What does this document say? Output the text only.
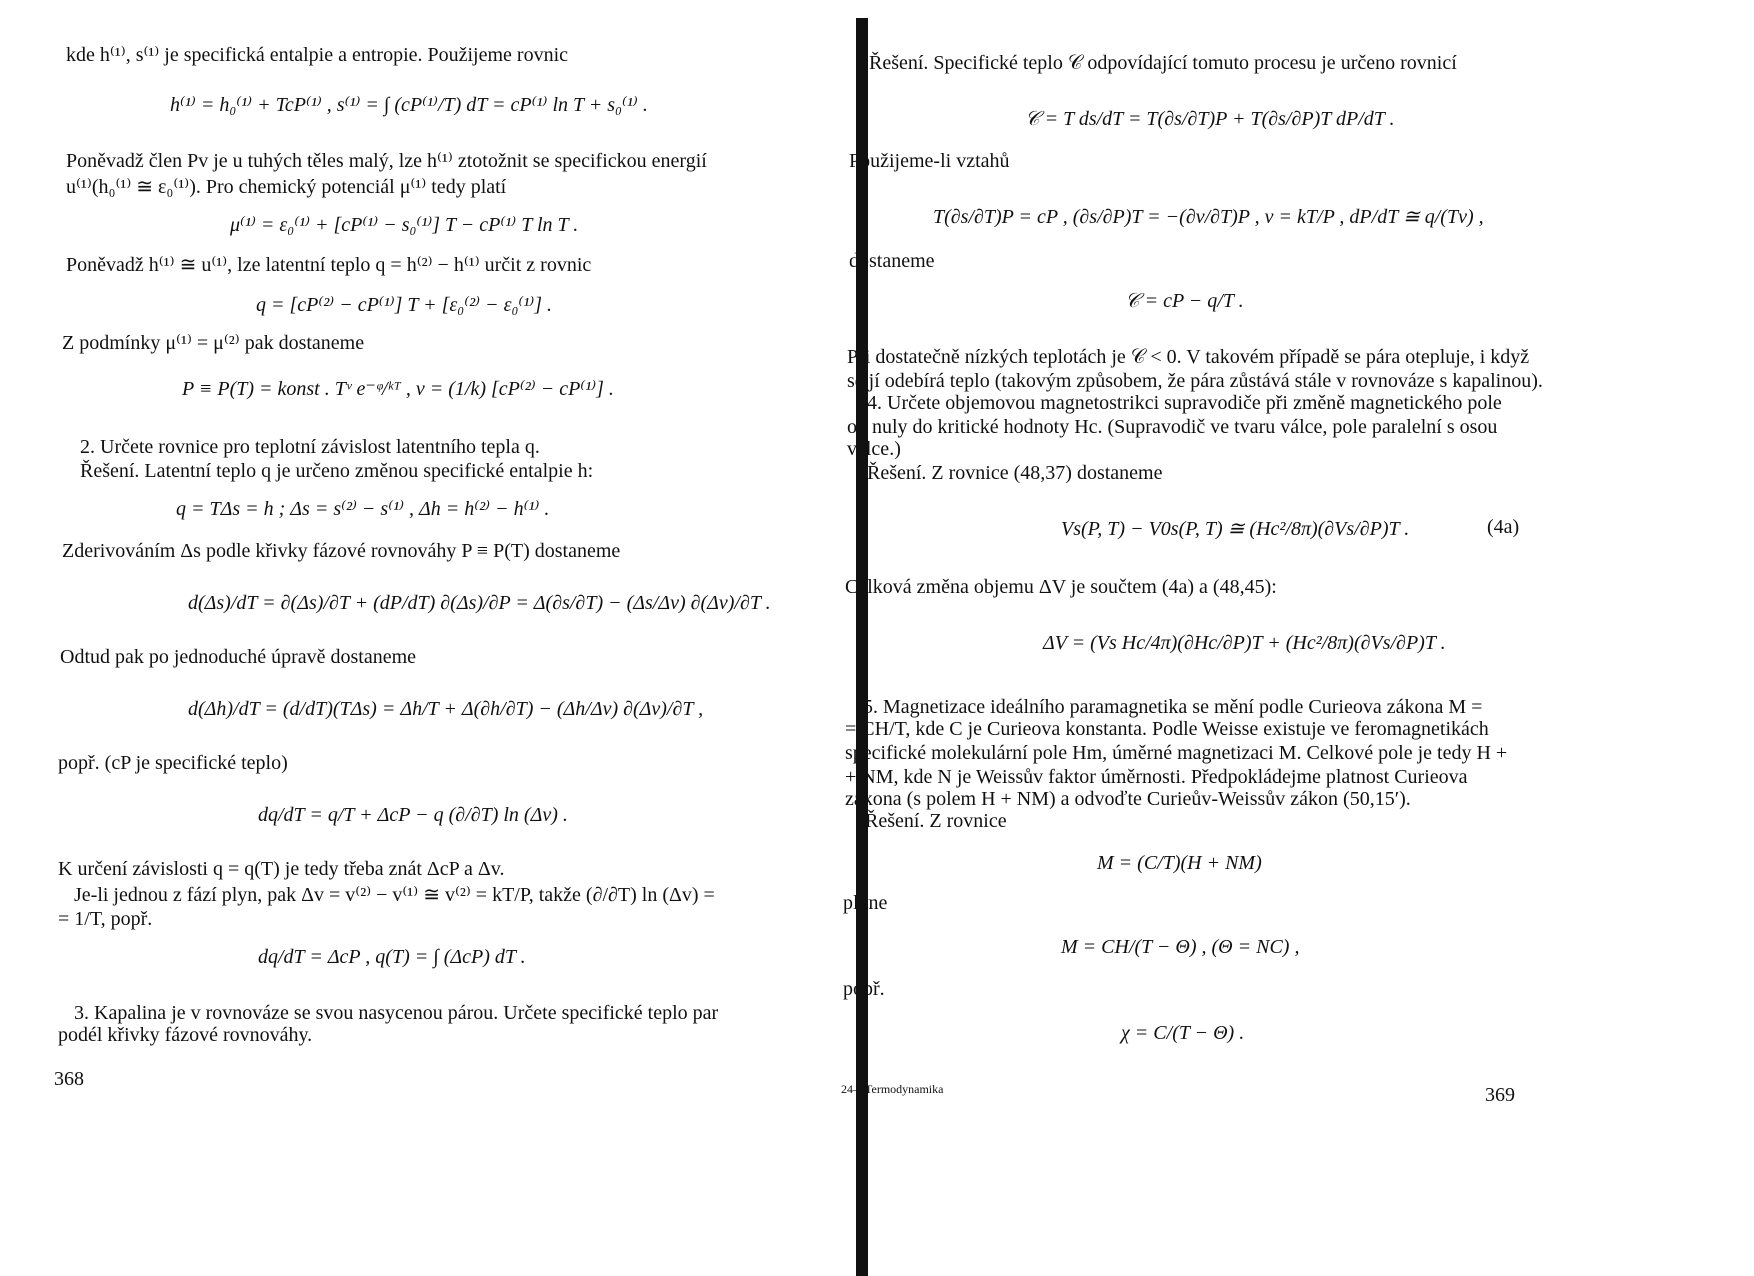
kde h⁽¹⁾, s⁽¹⁾ je specifická entalpie a entropie. Použijeme rovnic
h⁽¹⁾ = h₀⁽¹⁾ + TcP⁽¹⁾ , s⁽¹⁾ = ∫ (cP⁽¹⁾/T) dT = cP⁽¹⁾ ln T + s₀⁽¹⁾ .
Poněvadž člen Pv je u tuhých těles malý, lze h⁽¹⁾ ztotožnit se specifickou energií
u⁽¹⁾(h₀⁽¹⁾ ≅ ε₀⁽¹⁾). Pro chemický potenciál μ⁽¹⁾ tedy platí
μ⁽¹⁾ = ε₀⁽¹⁾ + [cP⁽¹⁾ − s₀⁽¹⁾] T − cP⁽¹⁾ T ln T .
Poněvadž h⁽¹⁾ ≅ u⁽¹⁾, lze latentní teplo q = h⁽²⁾ − h⁽¹⁾ určit z rovnic
q = [cP⁽²⁾ − cP⁽¹⁾] T + [ε₀⁽²⁾ − ε₀⁽¹⁾] .
Z podmínky μ⁽¹⁾ = μ⁽²⁾ pak dostaneme
P ≡ P(T) = konst . Tᵛ e⁻ᵠ/ᵏᵀ , v = (1/k) [cP⁽²⁾ − cP⁽¹⁾] .
2. Určete rovnice pro teplotní závislost latentního tepla q.
Řešení. Latentní teplo q je určeno změnou specifické entalpie h:
q = TΔs = h ; Δs = s⁽²⁾ − s⁽¹⁾ , Δh = h⁽²⁾ − h⁽¹⁾ .
Zderivováním Δs podle křivky fázové rovnováhy P ≡ P(T) dostaneme
d(Δs)/dT = ∂(Δs)/∂T + (dP/dT) ∂(Δs)/∂P = Δ(∂s/∂T) − (Δs/Δv) ∂(Δv)/∂T .
Odtud pak po jednoduché úpravě dostaneme
d(Δh)/dT = (d/dT)(TΔs) = Δh/T + Δ(∂h/∂T) − (Δh/Δv) ∂(Δv)/∂T ,
popř. (cP je specifické teplo)
dq/dT = q/T + ΔcP − q (∂/∂T) ln (Δv) .
K určení závislosti q = q(T) je tedy třeba znát ΔcP a Δv.
Je-li jednou z fází plyn, pak Δv = v⁽²⁾ − v⁽¹⁾ ≅ v⁽²⁾ = kT/P, takže (∂/∂T) ln (Δv) =
= 1/T, popř.
dq/dT = ΔcP , q(T) = ∫ (ΔcP) dT .
3. Kapalina je v rovnováze se svou nasycenou párou. Určete specifické teplo par
podél křivky fázové rovnováhy.
368
Řešení. Specifické teplo 𝒞 odpovídající tomuto procesu je určeno rovnicí
𝒞 = T ds/dT = T(∂s/∂T)P + T(∂s/∂P)T dP/dT .
Použijeme-li vztahů
T(∂s/∂T)P = cP , (∂s/∂P)T = −(∂v/∂T)P , v = kT/P , dP/dT ≅ q/(Tv) ,
dostaneme
𝒞 = cP − q/T .
Při dostatečně nízkých teplotách je 𝒞 < 0. V takovém případě se pára otepluje, i když
se jí odebírá teplo (takovým způsobem, že pára zůstává stále v rovnováze s kapalinou).
4. Určete objemovou magnetostrikci supravodiče při změně magnetického pole
od nuly do kritické hodnoty Hc. (Supravodič ve tvaru válce, pole paralelní s osou
válce.)
Řešení. Z rovnice (48,37) dostaneme
Vs(P, T) − V0s(P, T) ≅ (Hc²/8π)(∂Vs/∂P)T .	(4a)
Celková změna objemu ΔV je součtem (4a) a (48,45):
ΔV = (Vs Hc/4π)(∂Hc/∂P)T + (Hc²/8π)(∂Vs/∂P)T .
5. Magnetizace ideálního paramagnetika se mění podle Curieova zákona M =
= CH/T, kde C je Curieova konstanta. Podle Weisse existuje ve feromagnetikách
specifické molekulární pole Hm, úměrné magnetizaci M. Celkové pole je tedy H +
+ NM, kde N je Weissův faktor úměrnosti. Předpokládejme platnost Curieova
zákona (s polem H + NM) a odvoďte Curieův-Weissův zákon (50,15′).
Řešení. Z rovnice
M = (C/T)(H + NM)
plyne
M = CH/(T − Θ) , (Θ = NC) ,
popř.
χ = C/(T − Θ) .
24—Termodynamika	369
